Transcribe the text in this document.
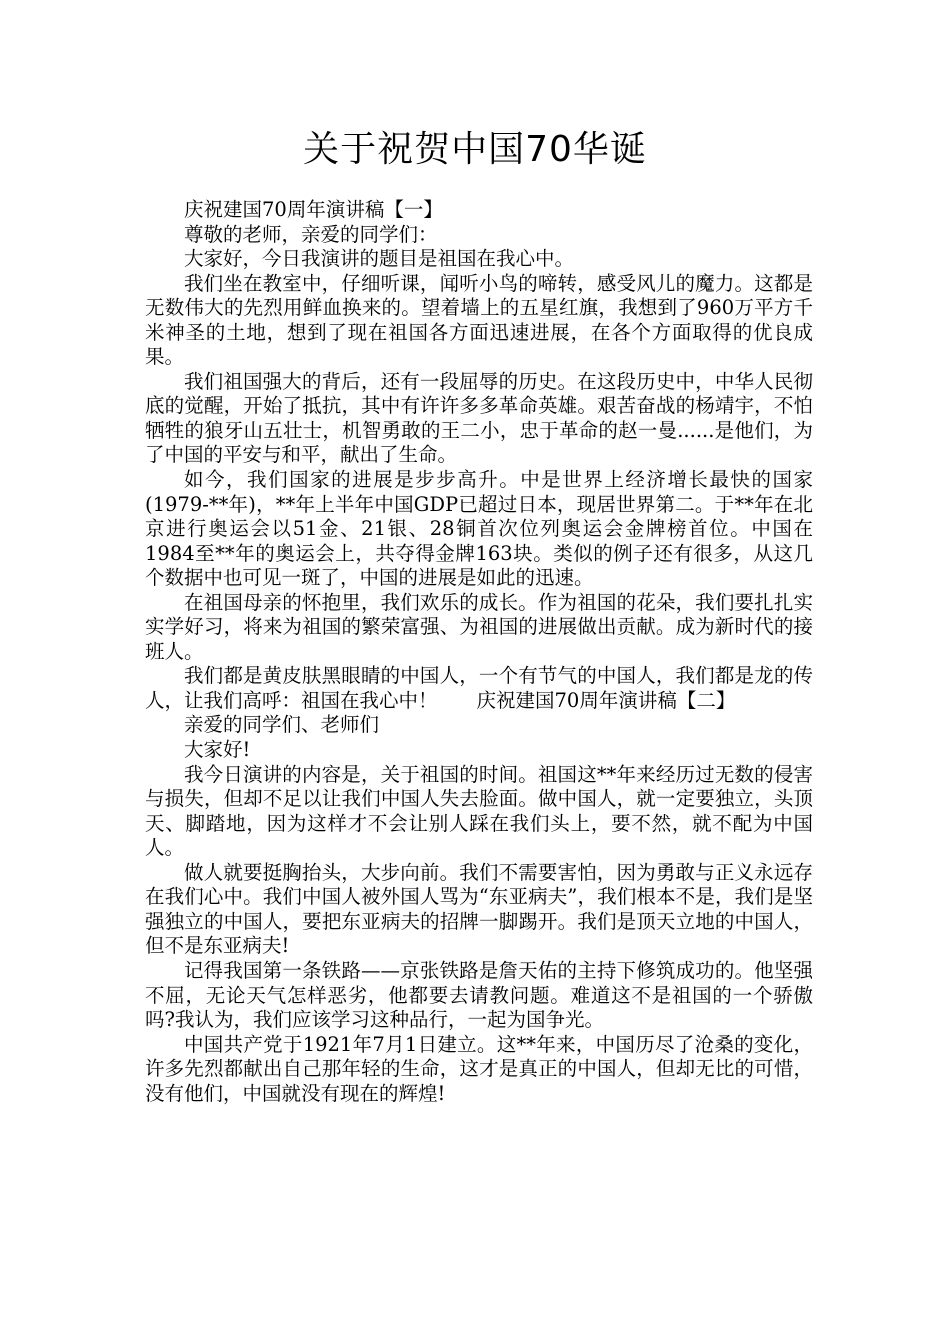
关于祝贺中国70华诞

庆祝建国70周年演讲稿【一】

尊敬的老师，亲爱的同学们：

大家好，今日我演讲的题目是祖国在我心中。

我们坐在教室中，仔细听课，闻听小鸟的啼转，感受风儿的魔力。这都是无数伟大的先烈用鲜血换来的。望着墙上的五星红旗，我想到了960万平方千米神圣的土地，想到了现在祖国各方面迅速进展，在各个方面取得的优良成果。

我们祖国强大的背后，还有一段屈辱的历史。在这段历史中，中华人民彻底的觉醒，开始了抵抗，其中有许许多多革命英雄。艰苦奋战的杨靖宇，不怕牺牲的狼牙山五壮士，机智勇敢的王二小，忠于革命的赵一曼......是他们，为了中国的平安与和平，献出了生命。

如今，我们国家的进展是步步高升。中是世界上经济增长最快的国家(1979-**年)，**年上半年中国GDP已超过日本，现居世界第二。于**年在北京进行奥运会以51金、21银、28铜首次位列奥运会金牌榜首位。中国在1984至**年的奥运会上，共夺得金牌163块。类似的例子还有很多，从这几个数据中也可见一斑了，中国的进展是如此的迅速。

在祖国母亲的怀抱里，我们欢乐的成长。作为祖国的花朵，我们要扎扎实实学好习，将来为祖国的繁荣富强、为祖国的进展做出贡献。成为新时代的接班人。

我们都是黄皮肤黑眼睛的中国人，一个有节气的中国人，我们都是龙的传人，让我们高呼：祖国在我心中！　　庆祝建国70周年演讲稿【二】

亲爱的同学们、老师们

大家好!

我今日演讲的内容是，关于祖国的时间。祖国这**年来经历过无数的侵害与损失，但却不足以让我们中国人失去脸面。做中国人，就一定要独立，头顶天、脚踏地，因为这样才不会让别人踩在我们头上，要不然，就不配为中国人。

做人就要挺胸抬头，大步向前。我们不需要害怕，因为勇敢与正义永远存在我们心中。我们中国人被外国人骂为“东亚病夫”，我们根本不是，我们是坚强独立的中国人，要把东亚病夫的招牌一脚踢开。我们是顶天立地的中国人，但不是东亚病夫!

记得我国第一条铁路——京张铁路是詹天佑的主持下修筑成功的。他坚强不屈，无论天气怎样恶劣，他都要去请教问题。难道这不是祖国的一个骄傲吗?我认为，我们应该学习这种品行，一起为国争光。

中国共产党于1921年7月1日建立。这**年来，中国历尽了沧桑的变化，许多先烈都献出自己那年轻的生命，这才是真正的中国人，但却无比的可惜，没有他们，中国就没有现在的辉煌!
